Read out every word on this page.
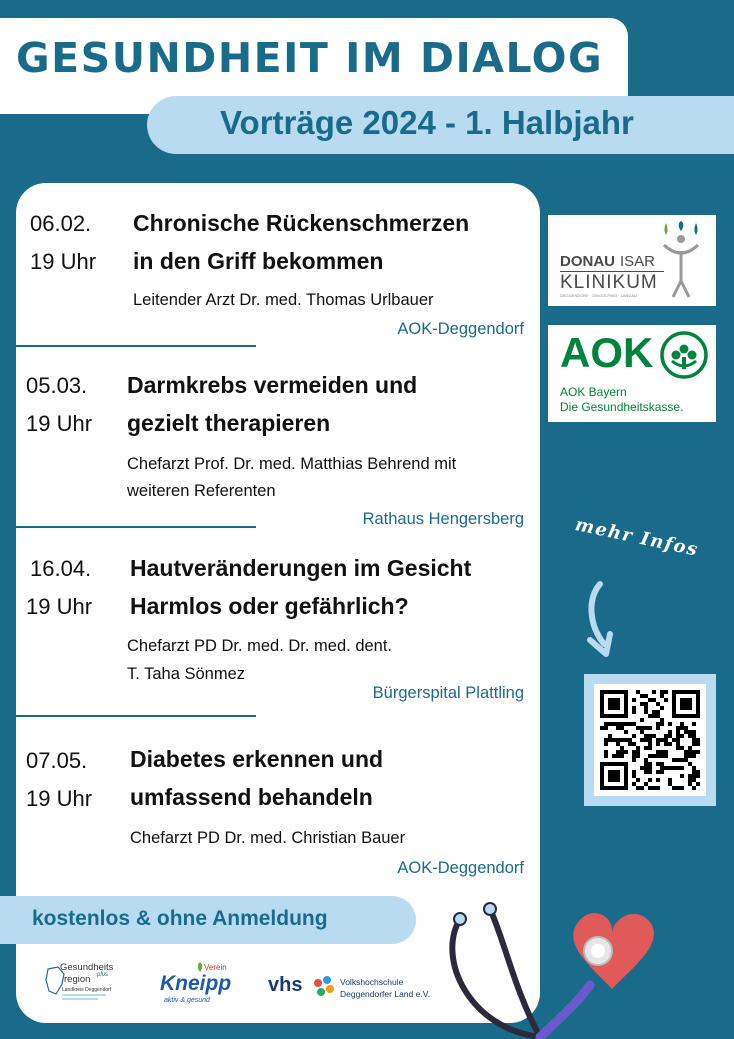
GESUNDHEIT IM DIALOG
Vorträge 2024 - 1. Halbjahr
06.02.
19 Uhr
Chronische Rückenschmerzen
in den Griff bekommen
Leitender Arzt Dr. med. Thomas Urlbauer
AOK-Deggendorf
05.03.
19 Uhr
Darmkrebs vermeiden und
gezielt therapieren
Chefarzt Prof. Dr. med. Matthias Behrend mit
weiteren Referenten
Rathaus Hengersberg
16.04.
19 Uhr
Hautveränderungen im Gesicht
Harmlos oder gefährlich?
Chefarzt PD Dr. med. Dr. med. dent.
T. Taha Sönmez
Bürgerspital Plattling
07.05.
19 Uhr
Diabetes erkennen und
umfassend behandeln
Chefarzt PD Dr. med. Christian Bauer
AOK-Deggendorf
kostenlos & ohne Anmeldung
Gesundheits
region plus
Landkreis Deggendorf
Verein
Kneipp
aktiv & gesund
vhs	Volkshochschule
Deggendorfer Land e.V.
DONAU ISAR
KLINIKUM
DEGGENDORF · DINGOLFING · LANDAU
AOK
AOK Bayern
Die Gesundheitskasse.
mehr Infos
